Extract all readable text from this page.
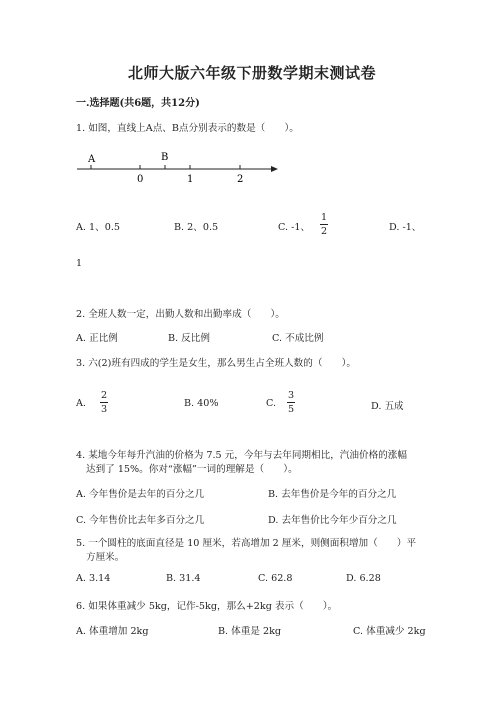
北师大版六年级下册数学期末测试卷
一.选择题(共6题，共12分)
1. 如图，直线上A点、B点分别表示的数是（　　）。
A	B
0	1	2
A. 1、0.5	B. 2、0.5	C. -1、
1
2	D. -1、
1
2. 全班人数一定，出勤人数和出勤率成（　　）。
A. 正比例	B. 反比例	C. 不成比例
3. 六(2)班有四成的学生是女生，那么男生占全班人数的（　　）。
A.
2
3
B. 40%	C.
3
5	D. 五成
4. 某地今年每升汽油的价格为 7.5 元，今年与去年同期相比，汽油价格的涨幅
达到了 15%。你对“涨幅”一词的理解是（　　）。
A. 今年售价是去年的百分之几	B. 去年售价是今年的百分之几
C. 今年售价比去年多百分之几	D. 去年售价比今年少百分之几
5. 一个圆柱的底面直径是 10 厘米，若高增加 2 厘米，则侧面积增加（　　）平
方厘米。
A. 3.14	B. 31.4	C. 62.8	D. 6.28
6. 如果体重减少 5kg，记作-5kg，那么+2kg 表示（　　）。
A. 体重增加 2kg	B. 体重是 2kg	C. 体重减少 2kg
